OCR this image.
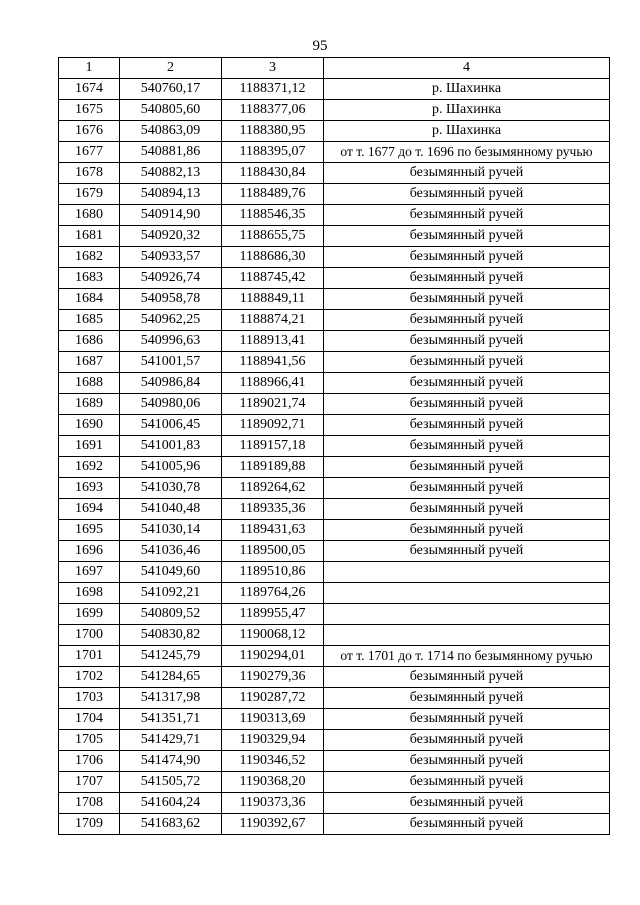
95
1	2	3	4
1674	540760,17	1188371,12	р. Шахинка
1675	540805,60	1188377,06	р. Шахинка
1676	540863,09	1188380,95	р. Шахинка
1677	540881,86	1188395,07	от т. 1677 до т. 1696 по безымянному ручью
1678	540882,13	1188430,84	безымянный ручей
1679	540894,13	1188489,76	безымянный ручей
1680	540914,90	1188546,35	безымянный ручей
1681	540920,32	1188655,75	безымянный ручей
1682	540933,57	1188686,30	безымянный ручей
1683	540926,74	1188745,42	безымянный ручей
1684	540958,78	1188849,11	безымянный ручей
1685	540962,25	1188874,21	безымянный ручей
1686	540996,63	1188913,41	безымянный ручей
1687	541001,57	1188941,56	безымянный ручей
1688	540986,84	1188966,41	безымянный ручей
1689	540980,06	1189021,74	безымянный ручей
1690	541006,45	1189092,71	безымянный ручей
1691	541001,83	1189157,18	безымянный ручей
1692	541005,96	1189189,88	безымянный ручей
1693	541030,78	1189264,62	безымянный ручей
1694	541040,48	1189335,36	безымянный ручей
1695	541030,14	1189431,63	безымянный ручей
1696	541036,46	1189500,05	безымянный ручей
1697	541049,60	1189510,86	
1698	541092,21	1189764,26	
1699	540809,52	1189955,47	
1700	540830,82	1190068,12	
1701	541245,79	1190294,01	от т. 1701 до т. 1714 по безымянному ручью
1702	541284,65	1190279,36	безымянный ручей
1703	541317,98	1190287,72	безымянный ручей
1704	541351,71	1190313,69	безымянный ручей
1705	541429,71	1190329,94	безымянный ручей
1706	541474,90	1190346,52	безымянный ручей
1707	541505,72	1190368,20	безымянный ручей
1708	541604,24	1190373,36	безымянный ручей
1709	541683,62	1190392,67	безымянный ручей
